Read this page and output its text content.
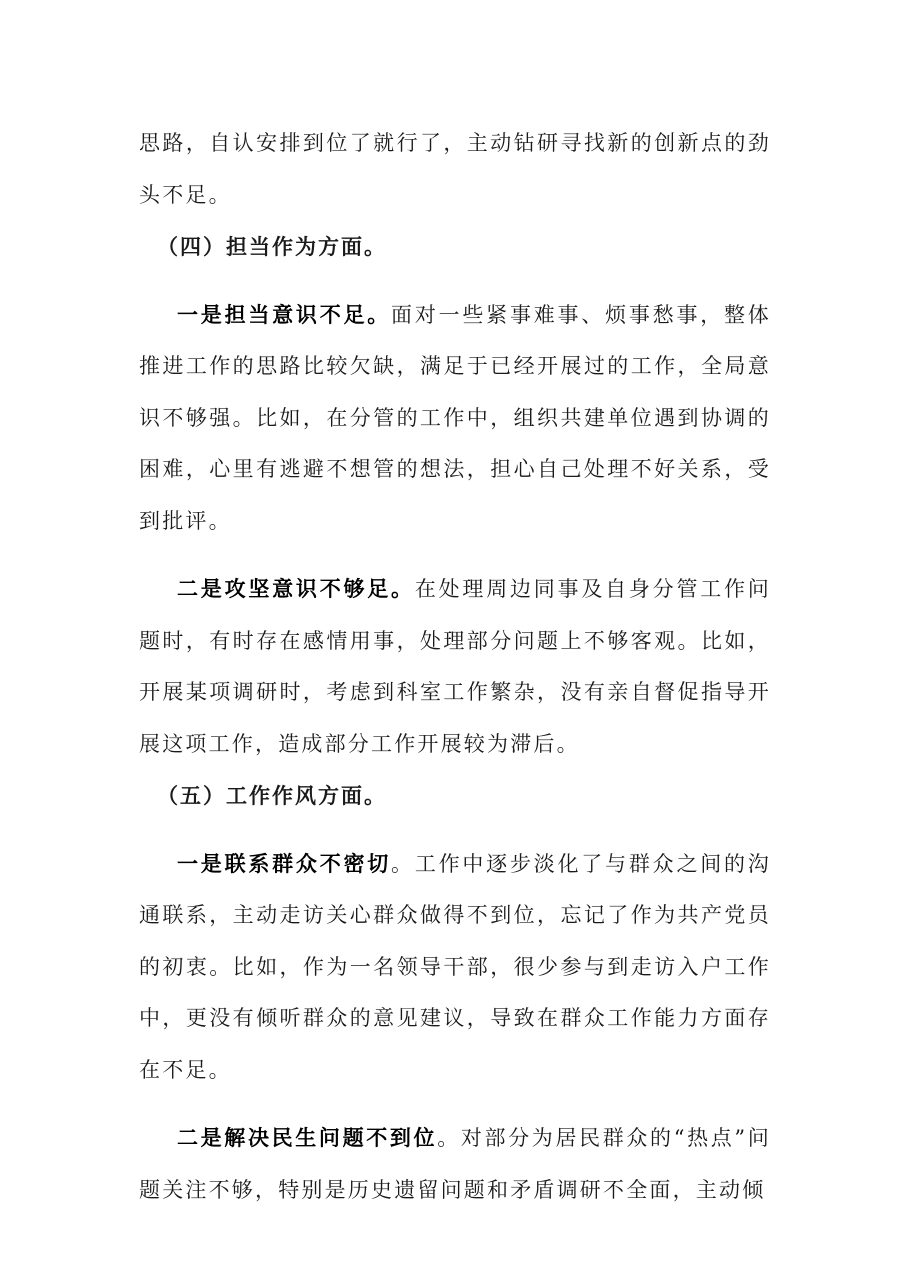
思路，自认安排到位了就行了，主动钻研寻找新的创新点的劲头不足。

（四）担当作为方面。

一是担当意识不足。面对一些紧事难事、烦事愁事，整体推进工作的思路比较欠缺，满足于已经开展过的工作，全局意识不够强。比如，在分管的工作中，组织共建单位遇到协调的困难，心里有逃避不想管的想法，担心自己处理不好关系，受到批评。

二是攻坚意识不够足。在处理周边同事及自身分管工作问题时，有时存在感情用事，处理部分问题上不够客观。比如，开展某项调研时，考虑到科室工作繁杂，没有亲自督促指导开展这项工作，造成部分工作开展较为滞后。

（五）工作作风方面。

一是联系群众不密切。工作中逐步淡化了与群众之间的沟通联系，主动走访关心群众做得不到位，忘记了作为共产党员的初衷。比如，作为一名领导干部，很少参与到走访入户工作中，更没有倾听群众的意见建议，导致在群众工作能力方面存在不足。

二是解决民生问题不到位。对部分为居民群众的“热点”问题关注不够，特别是历史遗留问题和矛盾调研不全面，主动倾
